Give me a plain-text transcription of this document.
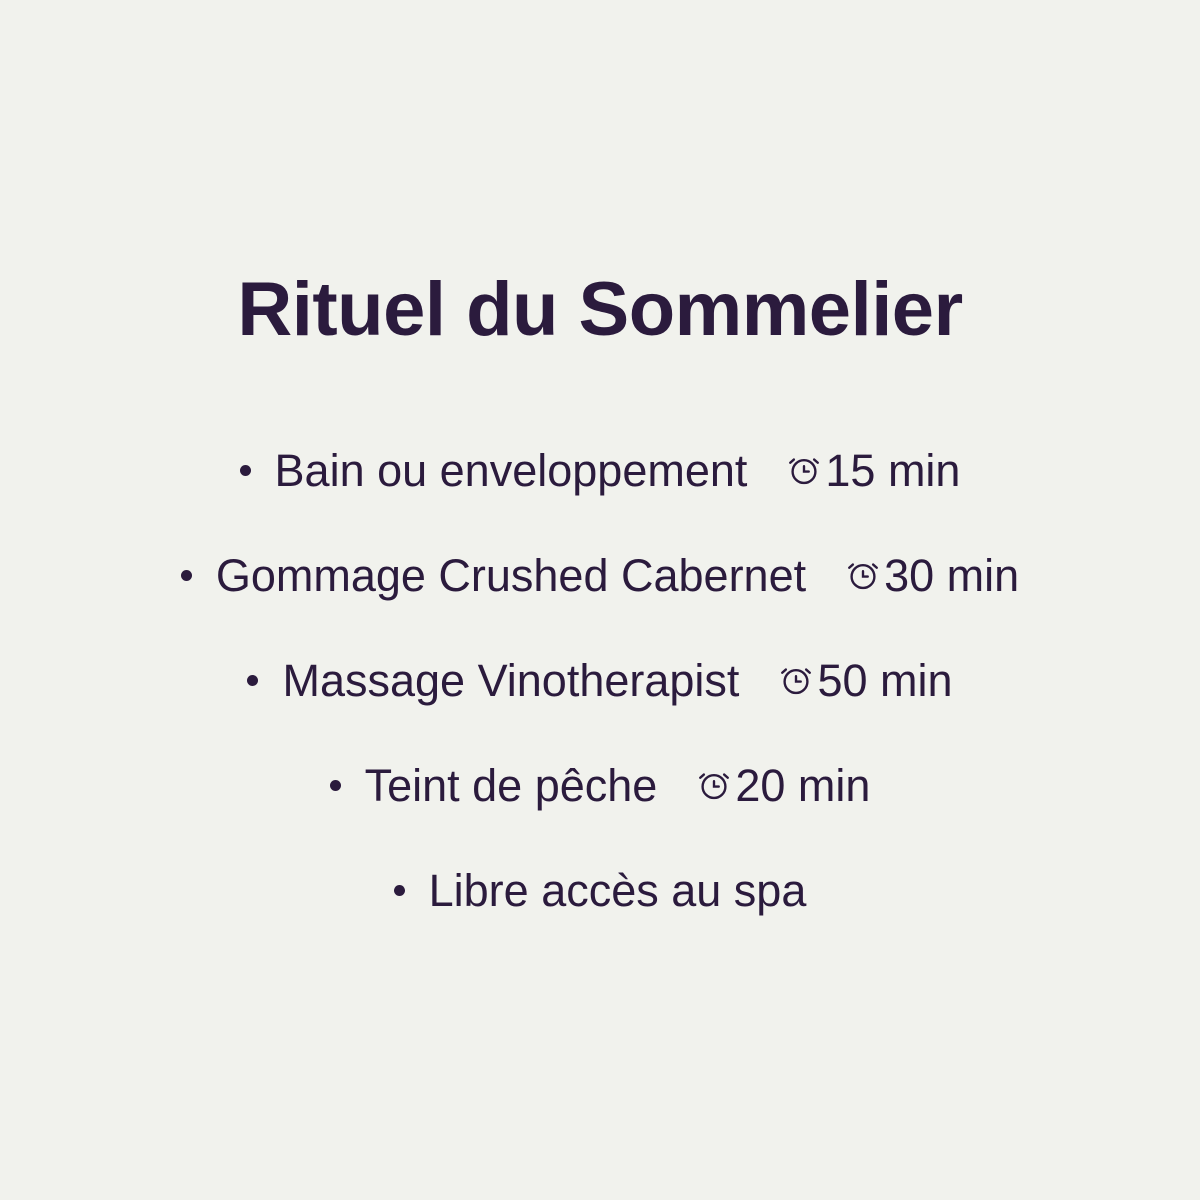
Rituel du Sommelier
Bain ou enveloppement 15 min
Gommage Crushed Cabernet 30 min
Massage Vinotherapist 50 min
Teint de pêche 20 min
Libre accès au spa
